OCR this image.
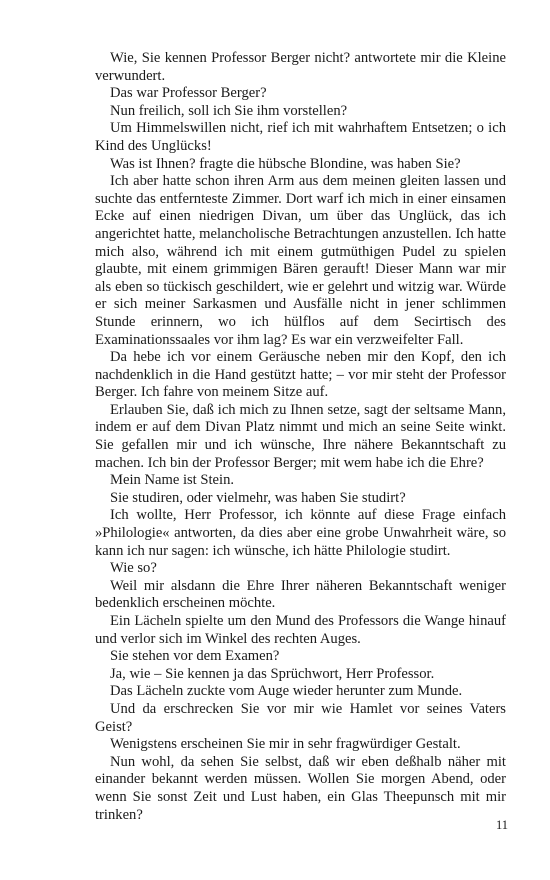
Wie, Sie kennen Professor Berger nicht? antwortete mir die Kleine verwundert.

Das war Professor Berger?

Nun freilich, soll ich Sie ihm vorstellen?

Um Himmelswillen nicht, rief ich mit wahrhaftem Entsetzen; o ich Kind des Unglücks!

Was ist Ihnen? fragte die hübsche Blondine, was haben Sie?

Ich aber hatte schon ihren Arm aus dem meinen gleiten lassen und suchte das entfernteste Zimmer. Dort warf ich mich in einer einsamen Ecke auf einen niedrigen Divan, um über das Unglück, das ich angerichtet hatte, melancholische Betrachtungen anzustellen. Ich hatte mich also, während ich mit einem gutmüthigen Pudel zu spielen glaubte, mit einem grimmigen Bären gerauft! Dieser Mann war mir als eben so tückisch geschildert, wie er gelehrt und witzig war. Würde er sich meiner Sarkasmen und Ausfälle nicht in jener schlimmen Stunde erinnern, wo ich hülflos auf dem Secirtisch des Examinationssaales vor ihm lag? Es war ein verzweifelter Fall.

Da hebe ich vor einem Geräusche neben mir den Kopf, den ich nachdenklich in die Hand gestützt hatte; – vor mir steht der Professor Berger. Ich fahre von meinem Sitze auf.

Erlauben Sie, daß ich mich zu Ihnen setze, sagt der seltsame Mann, indem er auf dem Divan Platz nimmt und mich an seine Seite winkt. Sie gefallen mir und ich wünsche, Ihre nähere Bekanntschaft zu machen. Ich bin der Professor Berger; mit wem habe ich die Ehre?

Mein Name ist Stein.

Sie studiren, oder vielmehr, was haben Sie studirt?

Ich wollte, Herr Professor, ich könnte auf diese Frage einfach »Philologie« antworten, da dies aber eine grobe Unwahrheit wäre, so kann ich nur sagen: ich wünsche, ich hätte Philologie studirt.

Wie so?

Weil mir alsdann die Ehre Ihrer näheren Bekanntschaft weniger bedenklich erscheinen möchte.

Ein Lächeln spielte um den Mund des Professors die Wange hinauf und verlor sich im Winkel des rechten Auges.

Sie stehen vor dem Examen?

Ja, wie – Sie kennen ja das Sprüchwort, Herr Professor.

Das Lächeln zuckte vom Auge wieder herunter zum Munde.

Und da erschrecken Sie vor mir wie Hamlet vor seines Vaters Geist?

Wenigstens erscheinen Sie mir in sehr fragwürdiger Gestalt.

Nun wohl, da sehen Sie selbst, daß wir eben deßhalb näher mit einander bekannt werden müssen. Wollen Sie morgen Abend, oder wenn Sie sonst Zeit und Lust haben, ein Glas Theepunsch mit mir trinken?

11
